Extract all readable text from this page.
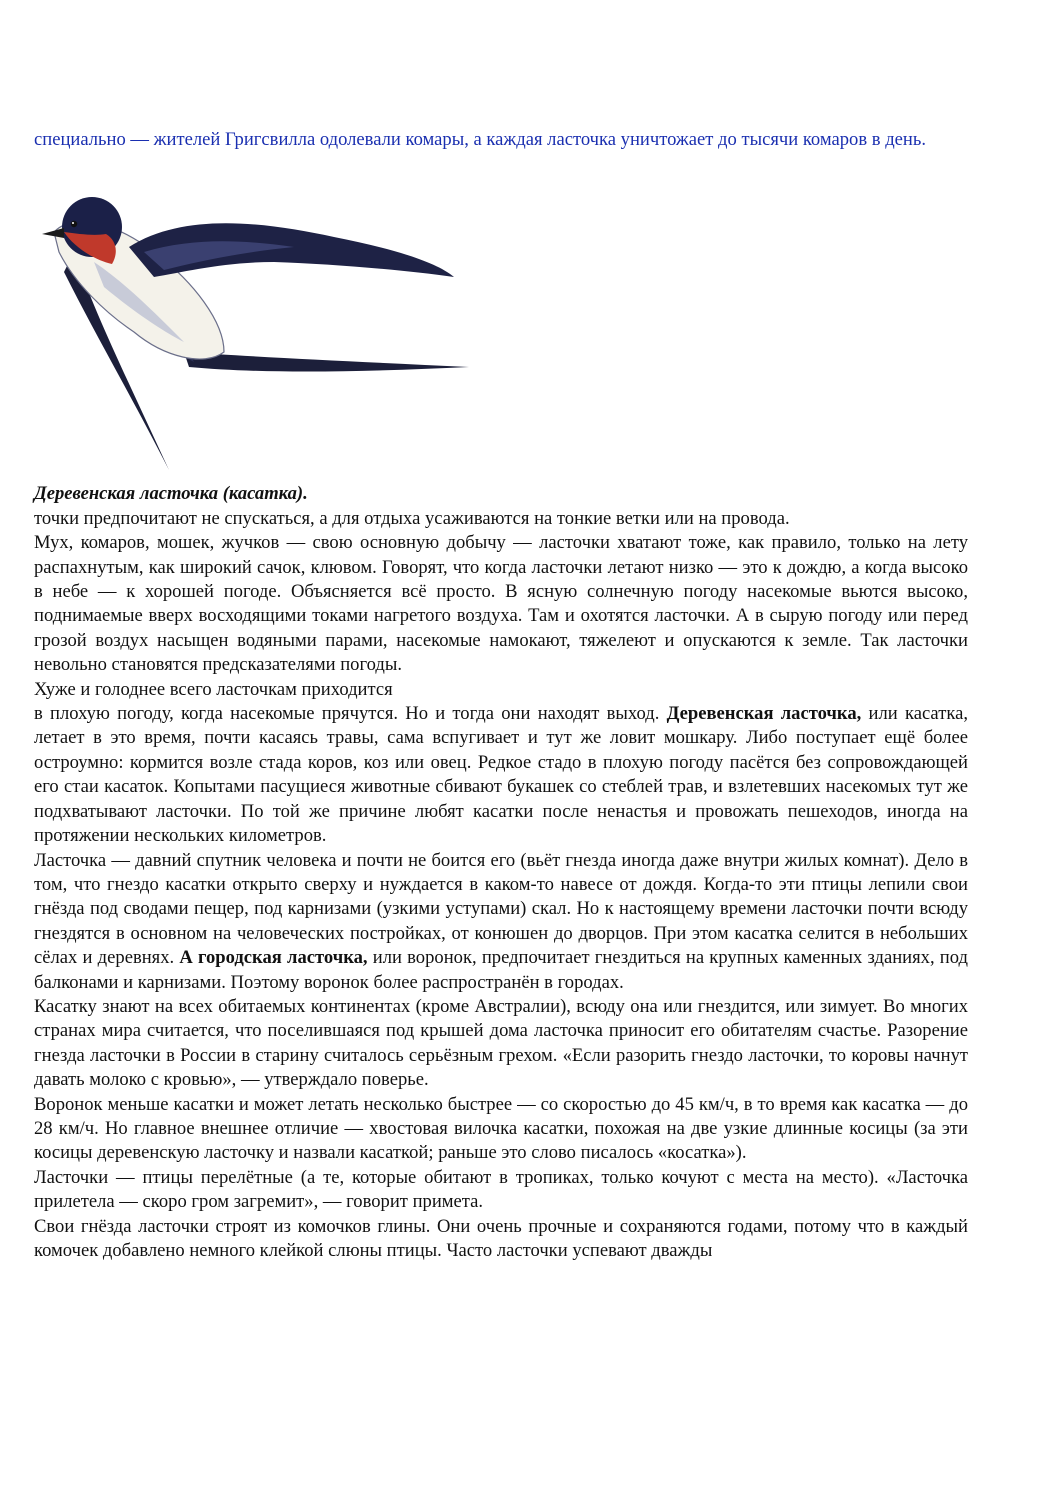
специально — жителей Григсвилла одолевали комары, а каждая ласточка уничтожает до тысячи комаров в день.

Деревенская ласточка (касатка).

точки предпочитают не спускаться, а для отдыха усаживаются на тонкие ветки или на провода.

Мух, комаров, мошек, жучков — свою основную добычу — ласточки хватают тоже, как правило, только на лету распахнутым, как широкий сачок, клювом. Говорят, что когда ласточки летают низко — это к дождю, а когда высоко в небе — к хорошей погоде. Объясняется всё просто. В ясную солнечную погоду насекомые вьются высоко, поднимаемые вверх восходящими токами нагретого воздуха. Там и охотятся ласточки. А в сырую погоду или перед грозой воздух насыщен водяными парами, насекомые намокают, тяжелеют и опускаются к земле. Так ласточки невольно становятся предсказателями погоды.

Хуже и голоднее всего ласточкам приходится

в плохую погоду, когда насекомые прячутся. Но и тогда они находят выход. Деревенская ласточка, или касатка, летает в это время, почти касаясь травы, сама вспугивает и тут же ловит мошкару. Либо поступает ещё более остроумно: кормится возле стада коров, коз или овец. Редкое стадо в плохую погоду пасётся без сопровождающей его стаи касаток. Копытами пасущиеся животные сбивают букашек со стеблей трав, и взлетевших насекомых тут же подхватывают ласточки. По той же причине любят касатки после ненастья и провожать пешеходов, иногда на протяжении нескольких километров.

Ласточка — давний спутник человека и почти не боится его (вьёт гнезда иногда даже внутри жилых комнат). Дело в том, что гнездо касатки открыто сверху и нуждается в каком-то навесе от дождя. Когда-то эти птицы лепили свои гнёзда под сводами пещер, под карнизами (узкими уступами) скал. Но к настоящему времени ласточки почти всюду гнездятся в основном на человеческих постройках, от конюшен до дворцов. При этом касатка селится в небольших сёлах и деревнях. А городская ласточка, или воронок, предпочитает гнездиться на крупных каменных зданиях, под балконами и карнизами. Поэтому воронок более распространён в городах.

Касатку знают на всех обитаемых континентах (кроме Австралии), всюду она или гнездится, или зимует. Во многих странах мира считается, что поселившаяся под крышей дома ласточка приносит его обитателям счастье. Разорение гнезда ласточки в России в старину считалось серьёзным грехом. «Если разорить гнездо ласточки, то коровы начнут давать молоко с кровью», — утверждало поверье.

Воронок меньше касатки и может летать несколько быстрее — со скоростью до 45 км/ч, в то время как касатка — до 28 км/ч. Но главное внешнее отличие — хвостовая вилочка касатки, похожая на две узкие длинные косицы (за эти косицы деревенскую ласточку и назвали касаткой; раньше это слово писалось «косатка»).

Ласточки — птицы перелётные (а те, которые обитают в тропиках, только кочуют с места на место). «Ласточка прилетела — скоро гром загремит», — говорит примета.

Свои гнёзда ласточки строят из комочков глины. Они очень прочные и сохраняются годами, потому что в каждый комочек добавлено немного клейкой слюны птицы. Часто ласточки успевают дважды
